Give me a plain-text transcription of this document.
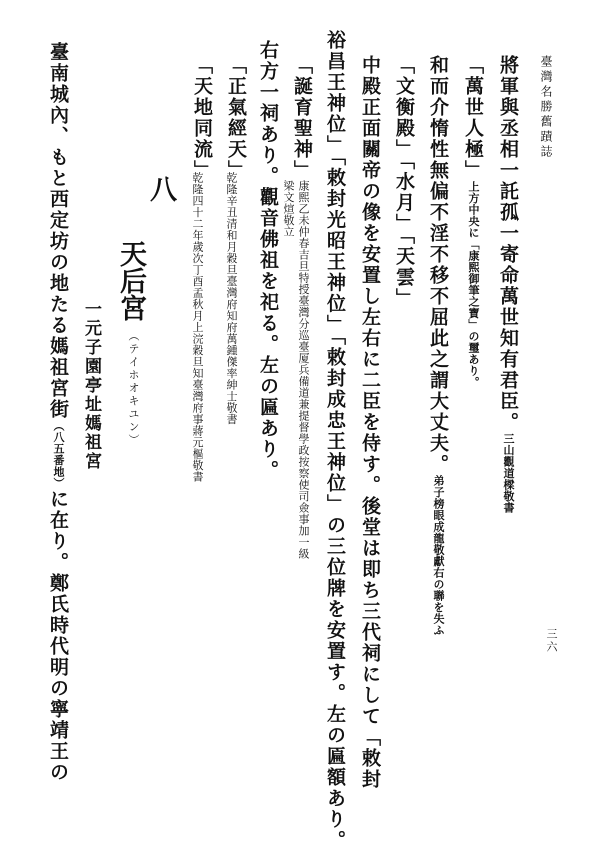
臺灣名勝舊蹟誌
三六
將軍與丞相一託孤一寄命萬世知有君臣。三山觀道樑敬書
「萬世人極」上方中央に「康熙御筆之寶」の璽あり。
和而介惰性無偏不淫不移不屈此之謂大丈夫。弟子榜眼成龍敬獻右の聯を失ふ
「文衡殿」「水月」「天雲」
中殿正面關帝の像を安置し左右に二臣を侍す。後堂は即ち三代祠にして「敕封
裕昌王神位」「敕封光昭王神位」「敕封成忠王神位」の三位牌を安置す。左の匾額あり。
「誕育聖神」
康熙乙未仲春吉旦特授臺灣分巡臺厦兵備道兼提督學政按察使司僉事加一級
梁文煊敬立
右方一祠あり。觀音佛祖を祀る。左の匾あり。
「正氣經天」
乾隆辛丑清和月穀旦臺灣府知府萬鍾傑率紳士敬書
「天地同流」
乾隆四十二年歲次丁酉孟秋月上浣穀旦知臺灣府事蔣元樞敬書
八
天后宮
（テイホオキユン）
一元子園亭址媽祖宮
臺南城內、もと西定坊の地たる媽祖宮街（八五番地）に在り。鄭氏時代明の寧靖王の
